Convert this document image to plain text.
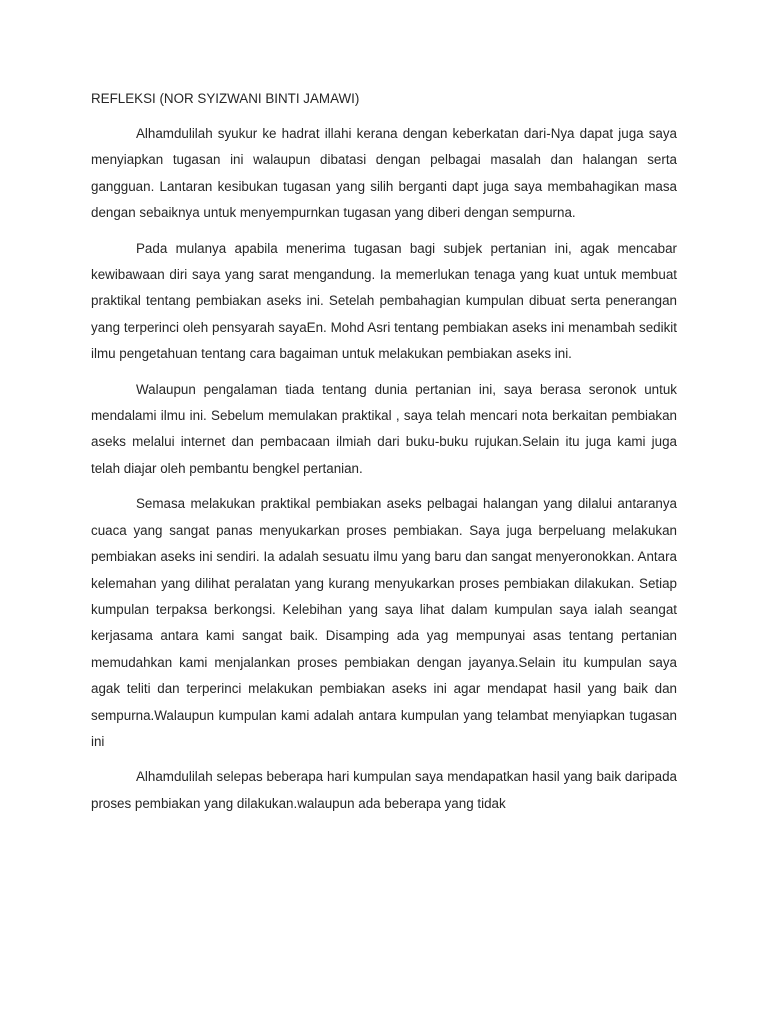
REFLEKSI (NOR SYIZWANI BINTI JAMAWI)

Alhamdulilah syukur ke hadrat illahi kerana dengan keberkatan dari-Nya dapat juga saya menyiapkan tugasan ini walaupun dibatasi dengan pelbagai masalah dan halangan serta gangguan. Lantaran kesibukan tugasan yang silih berganti dapt juga saya membahagikan masa dengan sebaiknya untuk menyempurnkan tugasan yang diberi dengan sempurna.

Pada mulanya apabila menerima tugasan bagi subjek pertanian ini, agak mencabar kewibawaan diri saya yang sarat mengandung. Ia memerlukan tenaga yang kuat untuk membuat praktikal tentang pembiakan aseks ini. Setelah pembahagian kumpulan dibuat serta penerangan yang terperinci oleh pensyarah sayaEn. Mohd Asri tentang pembiakan aseks ini menambah sedikit ilmu pengetahuan tentang cara bagaiman untuk melakukan pembiakan aseks ini.

Walaupun pengalaman tiada tentang dunia pertanian ini, saya berasa seronok untuk mendalami ilmu ini. Sebelum memulakan praktikal , saya telah mencari nota berkaitan pembiakan aseks melalui internet dan pembacaan ilmiah dari buku-buku rujukan.Selain itu juga kami juga telah diajar oleh pembantu bengkel pertanian.

Semasa melakukan praktikal pembiakan aseks pelbagai halangan yang dilalui antaranya cuaca yang sangat panas menyukarkan proses pembiakan. Saya juga berpeluang melakukan pembiakan aseks ini sendiri. Ia adalah sesuatu ilmu yang baru dan sangat menyeronokkan. Antara kelemahan yang dilihat peralatan yang kurang menyukarkan proses pembiakan dilakukan. Setiap kumpulan terpaksa berkongsi. Kelebihan yang saya lihat dalam kumpulan saya ialah seangat kerjasama antara kami sangat baik. Disamping ada yag mempunyai asas tentang pertanian memudahkan kami menjalankan proses pembiakan dengan jayanya.Selain itu kumpulan saya agak teliti dan terperinci melakukan pembiakan aseks ini agar mendapat hasil yang baik dan sempurna.Walaupun kumpulan kami adalah antara kumpulan yang telambat menyiapkan tugasan ini

Alhamdulilah selepas beberapa hari kumpulan saya mendapatkan hasil yang baik daripada proses pembiakan yang dilakukan.walaupun ada beberapa yang tidak
